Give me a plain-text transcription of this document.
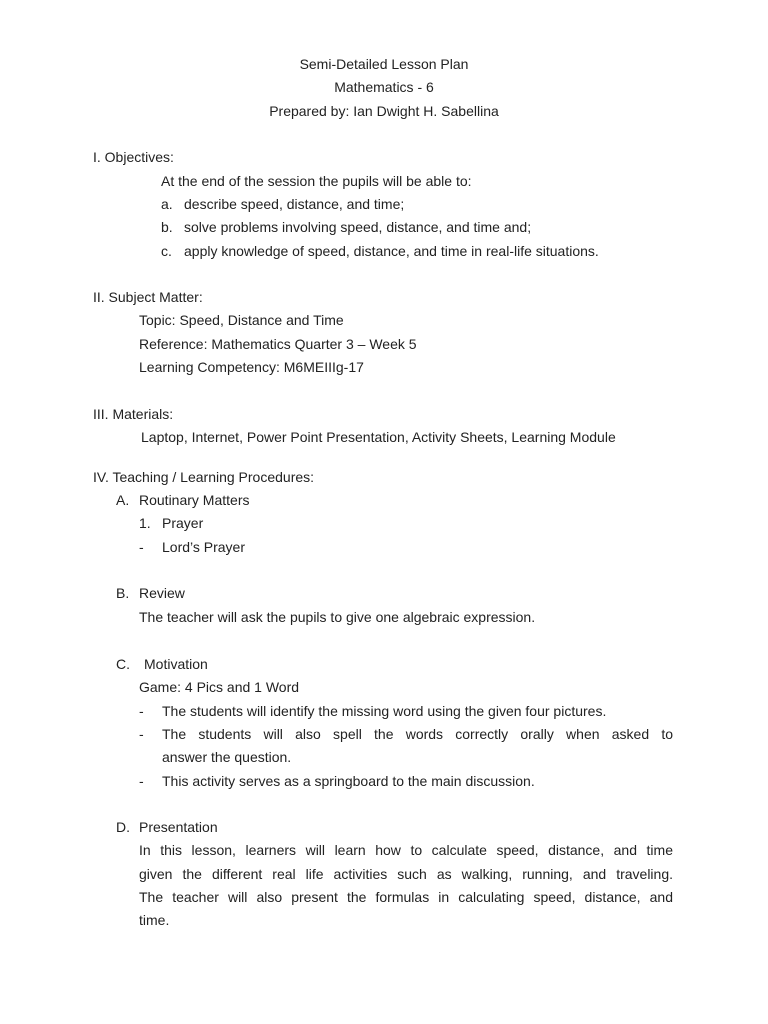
Semi-Detailed Lesson Plan
Mathematics - 6
Prepared by: Ian Dwight H. Sabellina
I. Objectives:
At the end of the session the pupils will be able to:
a. describe speed, distance, and time;
b. solve problems involving speed, distance, and time and;
c. apply knowledge of speed, distance, and time in real-life situations.
II. Subject Matter:
Topic: Speed, Distance and Time
Reference: Mathematics Quarter 3 – Week 5
Learning Competency: M6MEIIIg-17
III. Materials:
Laptop, Internet, Power Point Presentation, Activity Sheets, Learning Module
IV. Teaching / Learning Procedures:
A. Routinary Matters
1. Prayer
- Lord’s Prayer
B. Review
The teacher will ask the pupils to give one algebraic expression.
C. Motivation
Game: 4 Pics and 1 Word
- The students will identify the missing word using the given four pictures.
- The students will also spell the words correctly orally when asked to
answer the question.
- This activity serves as a springboard to the main discussion.
D. Presentation
In this lesson, learners will learn how to calculate speed, distance, and time
given the different real life activities such as walking, running, and traveling.
The teacher will also present the formulas in calculating speed, distance, and
time.
